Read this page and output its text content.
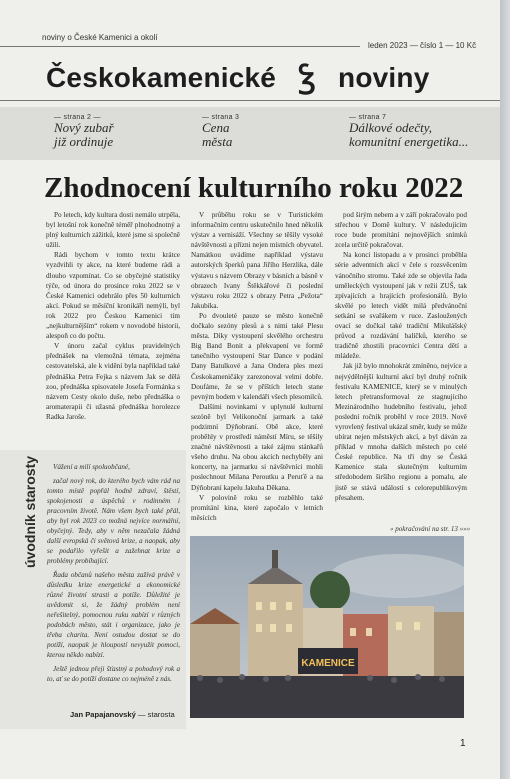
noviny o České Kamenici a okolí
leden 2023 — číslo 1 — 10 Kč
Českokamenické Ꝣ noviny
— strana 2 —
Nový zubař
již ordinuje
— strana 3
Cena
města
— strana 7
Dálkové odečty,
komunitní energetika...
Zhodnocení kulturního roku 2022

Po letech, kdy kultura dosti nemálo utrpěla, byl letošní rok konečně téměř plnohodnotný a plný kulturních zážitků, které jsme si společně užili.

Rádi bychom v tomto textu krátce vyzdvihli ty akce, na které budeme rádi a dlouho vzpomínat. Co se obyčejné statistiky týče, od února do prosince roku 2022 se v České Kamenici odehrálo přes 50 kulturních akcí. Pokud se měsíční kronikáři nemýlí, byl rok 2022 pro Českou Kamenici tím „nejkulturnějším“ rokem v novodobé historii, alespoň co do počtu.

V únoru začal cyklus pravidelných přednášek na vlemožná témata, zejména cestovatelská, ale k vidění byla například také přednáška Petra Fejka s názvem Jak se dělá zoo, přednáška spisovatele Josefa Formánka s názvem Cesty okolo duše, nebo přednáška o aromaterapii či užasná přednáška horolezce Radka Jaroše.

V průběhu roku se v Turistickém informačním centru uskutečnilo hned několik výstav a vernisáží. Všechny se těšily vysoké návštěvnosti a přízni nejen místních obyvatel. Namátkou uvádíme například výstavu autorských šperků pana Jiřího Herzlika, dále výstavu s názvem Obrazy v básních a básně v obrazech Ivany Štěkkářové či poslední výstavu roku 2022 s obrazy Petra „Pežota“ Jakubíka.

Po dvouleté pauze se město konečně dočkalo sezóny plesů a s nimi také Plesu města. Díky vystoupení skvělého orchestru Big Band Bonit a překvapení ve formě tanečního vystoupení Star Dance v podání Dany Batulkové a Jana Ondera ples mezi Českokameničáky zarezonoval velmi dobře. Doufáme, že se v příštích letech stane pevným bodem v kalendáři všech plesomilců.

Dalšími novinkami v uplynulé kulturní sezóně byl Velikonoční jarmark a také podzimní Dýňobraní. Obě akce, které proběhly v prostředí náměstí Míru, se těšily značné návštěvnosti a také zájmu stánkařů všeho druhu. Na obou akcích nechyběly ani koncerty, na jarmarku si návštěvníci mohli poslechnout Milana Peroutku a Peruťě a na Dýňobraní kapelu Jakuba Děkana.

V polovině roku se rozběhlo také promítání kina, které započalo v letních měsících

pod širým nebem a v září pokračovalo pod střechou v Domě kultury. V následujícím roce bude promítání nejnovějších snímků zcela určitě pokračovat.

Na konci listopadu a v prosinci proběhla série adventních akcí v čele s rozsvěcením vánočního stromu. Také zde se objevila řada uměleckých vystoupení jak v režii ZUŠ, tak zpívajících a hrajících profesionálů. Bylo skvělé po letech vidět milá předvánoční setkání se svařákem v ruce. Zasloužených ovací se dočkal také tradiční Mikulášský průvod a rozdávání balíčků, kterého se tradičně zhostili pracovníci Centra dětí a mládeže.

Jak již bylo mnohokrát zmíněno, nejvíce a nejvýdělnější kulturní akcí byl druhý ročník festivalu KAMENICE, který se v minulých letech přetransformoval ze stagnujícího Mezinárodního hudebního festivalu, jehož poslední ročník proběhl v roce 2019. Nově vyrovlený festival ukázal směr, kudy se může ubírat nejen městských akcí, a byl dáván za příklad v mnoha dalších městech po celé České republice. Na tři dny se Česká Kamenice stala skutečným kulturním středobodem širšího regionu a pomalu, ale jistě se stává událostí s celorepublikovým přesahem.

» pokračování na str. 13 »»»
úvodník starosty	Vážení a milí spoluobčané,

začal nový rok, do kterého bych vám rád na tomto místě popřál hodně zdraví, štěstí, spokojenosti a úspěchů v rodinném i pracovním životě. Nám všem bych také přál, aby byl rok 2023 co možná nejvíce normální, obyčejný. Tedy, aby v něm nezačala žádná další evropská či světová krize, a naopak, aby se podařilo vyřešit a zažehnat krize a problémy probíhající.

Řada občanů našeho města zažívá právě v důsledku krize energetické a ekonomické různé životní strasti a potíže. Důležité je uvědomit si, že žádný problém není neřešitelný, pomocnou ruku nabízí v různých podobách město, stát i organizace, jako je třeba charita. Není ostudou dostat se do potíží, naopak je hloupostí nevyužít pomoci, kterou někdo nabízí.

Ještě jednou přeji šťastný a pohodový rok a to, ať se do potíží dostane co nejméně z nás.

Jan Papajanovský — starosta
KAMENICE
1
